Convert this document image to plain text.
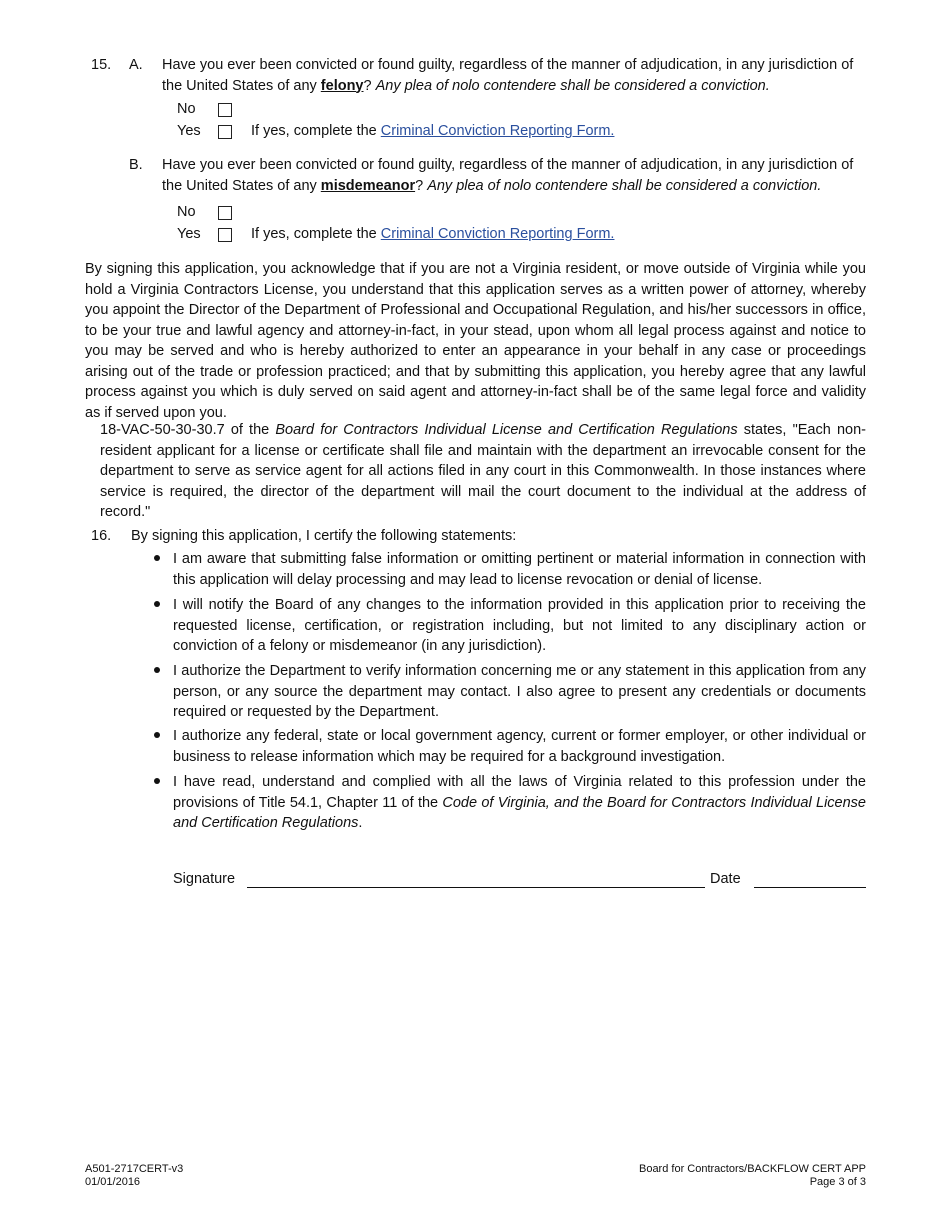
15. A. Have you ever been convicted or found guilty, regardless of the manner of adjudication, in any jurisdiction of the United States of any felony? Any plea of nolo contendere shall be considered a conviction.
No
Yes	If yes, complete the Criminal Conviction Reporting Form.
B. Have you ever been convicted or found guilty, regardless of the manner of adjudication, in any jurisdiction of the United States of any misdemeanor? Any plea of nolo contendere shall be considered a conviction.
No
Yes	If yes, complete the Criminal Conviction Reporting Form.
By signing this application, you acknowledge that if you are not a Virginia resident, or move outside of Virginia while you hold a Virginia Contractors License, you understand that this application serves as a written power of attorney, whereby you appoint the Director of the Department of Professional and Occupational Regulation, and his/her successors in office, to be your true and lawful agency and attorney-in-fact, in your stead, upon whom all legal process against and notice to you may be served and who is hereby authorized to enter an appearance in your behalf in any case or proceedings arising out of the trade or profession practiced; and that by submitting this application, you hereby agree that any lawful process against you which is duly served on said agent and attorney-in-fact shall be of the same legal force and validity as if served upon you.
18-VAC-50-30-30.7 of the Board for Contractors Individual License and Certification Regulations states, "Each non-resident applicant for a license or certificate shall file and maintain with the department an irrevocable consent for the department to serve as service agent for all actions filed in any court in this Commonwealth. In those instances where service is required, the director of the department will mail the court document to the individual at the address of record."
16. By signing this application, I certify the following statements:
I am aware that submitting false information or omitting pertinent or material information in connection with this application will delay processing and may lead to license revocation or denial of license.
I will notify the Board of any changes to the information provided in this application prior to receiving the requested license, certification, or registration including, but not limited to any disciplinary action or conviction of a felony or misdemeanor (in any jurisdiction).
I authorize the Department to verify information concerning me or any statement in this application from any person, or any source the department may contact. I also agree to present any credentials or documents required or requested by the Department.
I authorize any federal, state or local government agency, current or former employer, or other individual or business to release information which may be required for a background investigation.
I have read, understand and complied with all the laws of Virginia related to this profession under the provisions of Title 54.1, Chapter 11 of the Code of Virginia, and the Board for Contractors Individual License and Certification Regulations.
Signature	Date
A501-2717CERT-v3
01/01/2016
Board for Contractors/BACKFLOW CERT APP
Page 3 of 3
